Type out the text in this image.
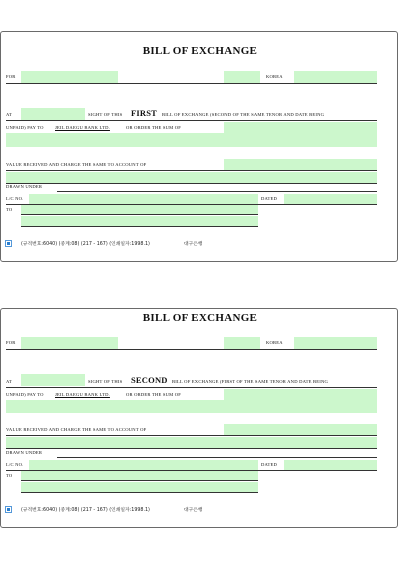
BILL OF EXCHANGE
FOR	KOREA
AT	SIGHT OF THIS FIRST BILL OF EXCHANGE (SECOND OF THE SAME TENOR AND DATE BEING
UNPAID) PAY TO JEIL DAEGU BANK LTD.	OR ORDER THE SUM OF
VALUE RECEIVED AND CHARGE THE SAME TO ACCOUNT OF
DRAWN UNDER
L/C NO.	DATED
TO
(규격번호:6040) (중계:08) (217 - 167) (인쇄일자:1998.1)	대구은행
BILL OF EXCHANGE
FOR	KOREA
AT	SIGHT OF THIS SECOND BILL OF EXCHANGE (FIRST OF THE SAME TENOR AND DATE BEING
UNPAID) PAY TO JEIL DAEGU BANK LTD.	OR ORDER THE SUM OF
VALUE RECEIVED AND CHARGE THE SAME TO ACCOUNT OF
DRAWN UNDER
L/C NO.	DATED
TO
(규격번호:6040) (중계:08) (217 - 167) (인쇄일자:1998.1)	대구은행
